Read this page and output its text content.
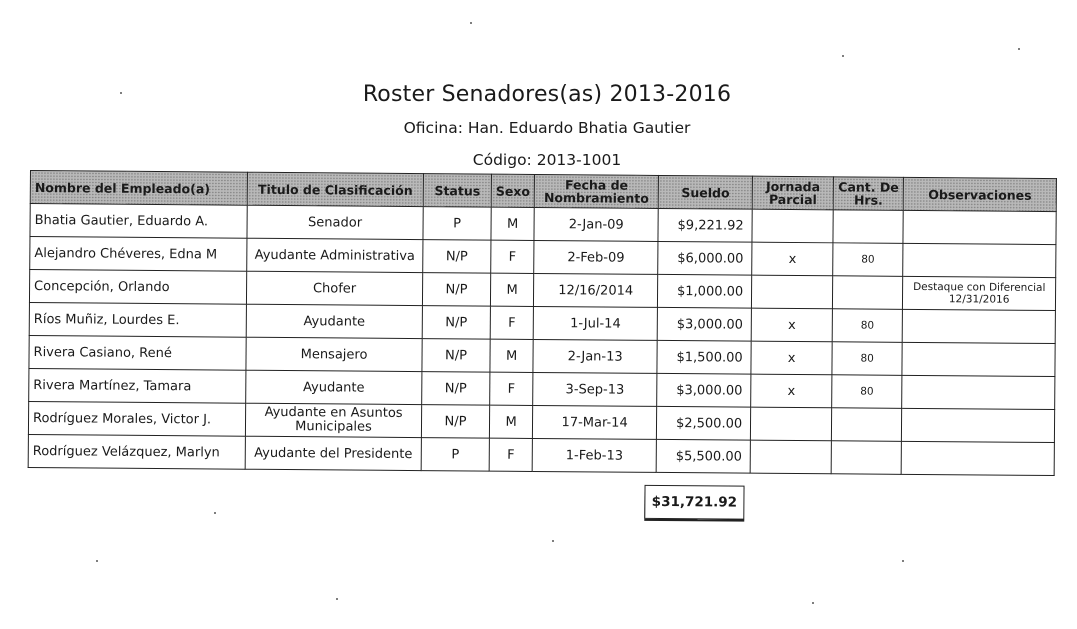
Roster Senadores(as) 2013-2016
Oficina: Han. Eduardo Bhatia Gautier
Código: 2013-1001
Nombre del Empleado(a)	Titulo de Clasificación	Status	Sexo	Fecha de Nombramiento	Sueldo	Jornada Parcial	Cant. De Hrs.	Observaciones
Bhatia Gautier, Eduardo A.	Senador	P	M	2-Jan-09	$9,221.92			
Alejandro Chéveres, Edna M	Ayudante Administrativa	N/P	F	2-Feb-09	$6,000.00	x	80	
Concepción, Orlando	Chofer	N/P	M	12/16/2014	$1,000.00			Destaque con Diferencial 12/31/2016
Ríos Muñiz, Lourdes E.	Ayudante	N/P	F	1-Jul-14	$3,000.00	x	80	
Rivera Casiano, René	Mensajero	N/P	M	2-Jan-13	$1,500.00	x	80	
Rivera Martínez, Tamara	Ayudante	N/P	F	3-Sep-13	$3,000.00	x	80	
Rodríguez Morales, Victor J.	Ayudante en Asuntos Municipales	N/P	M	17-Mar-14	$2,500.00			
Rodríguez Velázquez, Marlyn	Ayudante del Presidente	P	F	1-Feb-13	$5,500.00			
$31,721.92
